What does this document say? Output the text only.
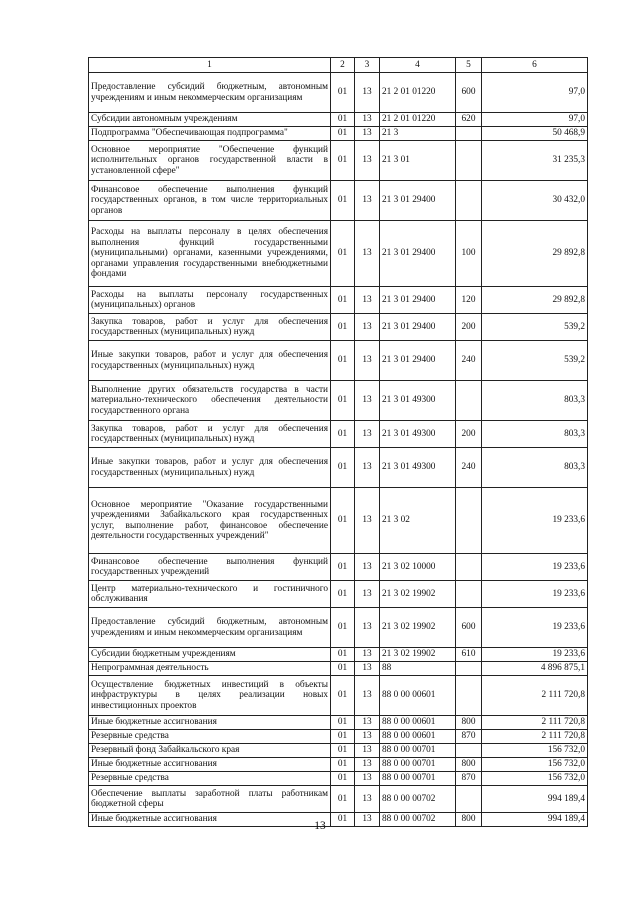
1	2	3	4	5	6
Предоставление субсидий бюджетным, автономным учреждениям и иным некоммерческим организациям	01	13	21 2 01 01220	600	97,0
Субсидии автономным учреждениям	01	13	21 2 01 01220	620	97,0
Подпрограмма "Обеспечивающая подпрограмма"	01	13	21 3		50 468,9
Основное мероприятие "Обеспечение функций исполнительных органов государственной власти в установленной сфере"	01	13	21 3 01		31 235,3
Финансовое обеспечение выполнения функций государственных органов, в том числе территориальных органов	01	13	21 3 01 29400		30 432,0
Расходы на выплаты персоналу в целях обеспечения выполнения функций государственными (муниципальными) органами, казенными учреждениями, органами управления государственными внебюджетными фондами	01	13	21 3 01 29400	100	29 892,8
Расходы на выплаты персоналу государственных (муниципальных) органов	01	13	21 3 01 29400	120	29 892,8
Закупка товаров, работ и услуг для обеспечения государственных (муниципальных) нужд	01	13	21 3 01 29400	200	539,2
Иные закупки товаров, работ и услуг для обеспечения государственных (муниципальных) нужд	01	13	21 3 01 29400	240	539,2
Выполнение других обязательств государства в части материально-технического обеспечения деятельности государственного органа	01	13	21 3 01 49300		803,3
Закупка товаров, работ и услуг для обеспечения государственных (муниципальных) нужд	01	13	21 3 01 49300	200	803,3
Иные закупки товаров, работ и услуг для обеспечения государственных (муниципальных) нужд	01	13	21 3 01 49300	240	803,3
Основное мероприятие "Оказание государственными учреждениями Забайкальского края государственных услуг, выполнение работ, финансовое обеспечение деятельности государственных учреждений"	01	13	21 3 02		19 233,6
Финансовое обеспечение выполнения функций государственных учреждений	01	13	21 3 02 10000		19 233,6
Центр материально-технического и гостиничного обслуживания	01	13	21 3 02 19902		19 233,6
Предоставление субсидий бюджетным, автономным учреждениям и иным некоммерческим организациям	01	13	21 3 02 19902	600	19 233,6
Субсидии бюджетным учреждениям	01	13	21 3 02 19902	610	19 233,6
Непрограммная деятельность	01	13	88		4 896 875,1
Осуществление бюджетных инвестиций в объекты инфраструктуры в целях реализации новых инвестиционных проектов	01	13	88 0 00 00601		2 111 720,8
Иные бюджетные ассигнования	01	13	88 0 00 00601	800	2 111 720,8
Резервные средства	01	13	88 0 00 00601	870	2 111 720,8
Резервный фонд Забайкальского края	01	13	88 0 00 00701		156 732,0
Иные бюджетные ассигнования	01	13	88 0 00 00701	800	156 732,0
Резервные средства	01	13	88 0 00 00701	870	156 732,0
Обеспечение выплаты заработной платы работникам бюджетной сферы	01	13	88 0 00 00702		994 189,4
Иные бюджетные ассигнования	01	13	88 0 00 00702	800	994 189,4
13
